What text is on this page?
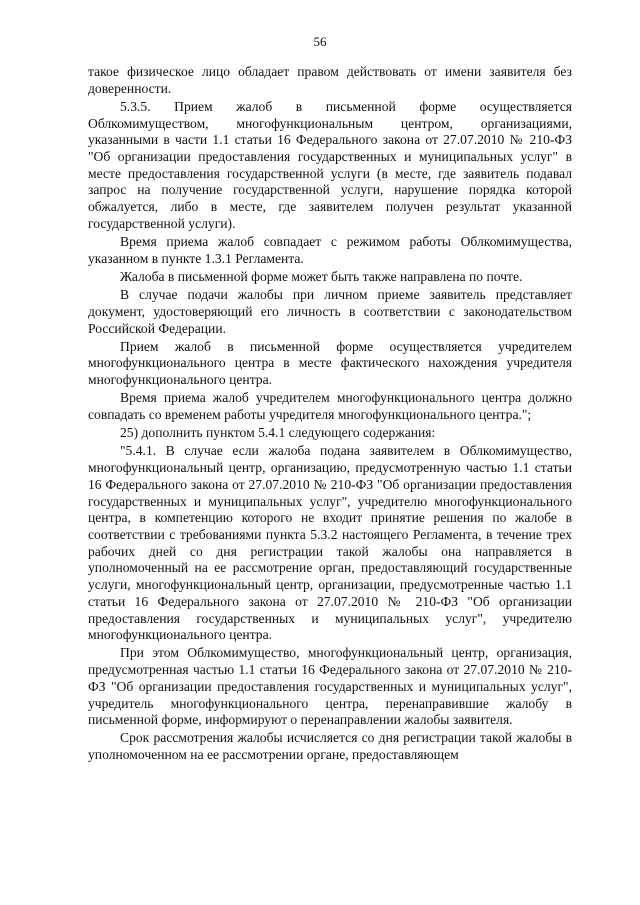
56

такое физическое лицо обладает правом действовать от имени заявителя без доверенности.

5.3.5. Прием жалоб в письменной форме осуществляется Облкомимуществом, многофункциональным центром, организациями, указанными в части 1.1 статьи 16 Федерального закона от 27.07.2010 № 210-ФЗ "Об организации предоставления государственных и муниципальных услуг" в месте предоставления государственной услуги (в месте, где заявитель подавал запрос на получение государственной услуги, нарушение порядка которой обжалуется, либо в месте, где заявителем получен результат указанной государственной услуги).

Время приема жалоб совпадает с режимом работы Облкомимущества, указанном в пункте 1.3.1 Регламента.

Жалоба в письменной форме может быть также направлена по почте.

В случае подачи жалобы при личном приеме заявитель представляет документ, удостоверяющий его личность в соответствии с законодательством Российской Федерации.

Прием жалоб в письменной форме осуществляется учредителем многофункционального центра в месте фактического нахождения учредителя многофункционального центра.

Время приема жалоб учредителем многофункционального центра должно совпадать со временем работы учредителя многофункционального центра.";

25) дополнить пунктом 5.4.1 следующего содержания:

"5.4.1. В случае если жалоба подана заявителем в Облкомимущество, многофункциональный центр, организацию, предусмотренную частью 1.1 статьи 16 Федерального закона от 27.07.2010 № 210-ФЗ "Об организации предоставления государственных и муниципальных услуг", учредителю многофункционального центра, в компетенцию которого не входит принятие решения по жалобе в соответствии с требованиями пункта 5.3.2 настоящего Регламента, в течение трех рабочих дней со дня регистрации такой жалобы она направляется в уполномоченный на ее рассмотрение орган, предоставляющий государственные услуги, многофункциональный центр, организации, предусмотренные частью 1.1 статьи 16 Федерального закона от 27.07.2010 № 210-ФЗ "Об организации предоставления государственных и муниципальных услуг", учредителю многофункционального центра.

При этом Облкомимущество, многофункциональный центр, организация, предусмотренная частью 1.1 статьи 16 Федерального закона от 27.07.2010 № 210-ФЗ "Об организации предоставления государственных и муниципальных услуг", учредитель многофункционального центра, перенаправившие жалобу в письменной форме, информируют о перенаправлении жалобы заявителя.

Срок рассмотрения жалобы исчисляется со дня регистрации такой жалобы в уполномоченном на ее рассмотрении органе, предоставляющем
